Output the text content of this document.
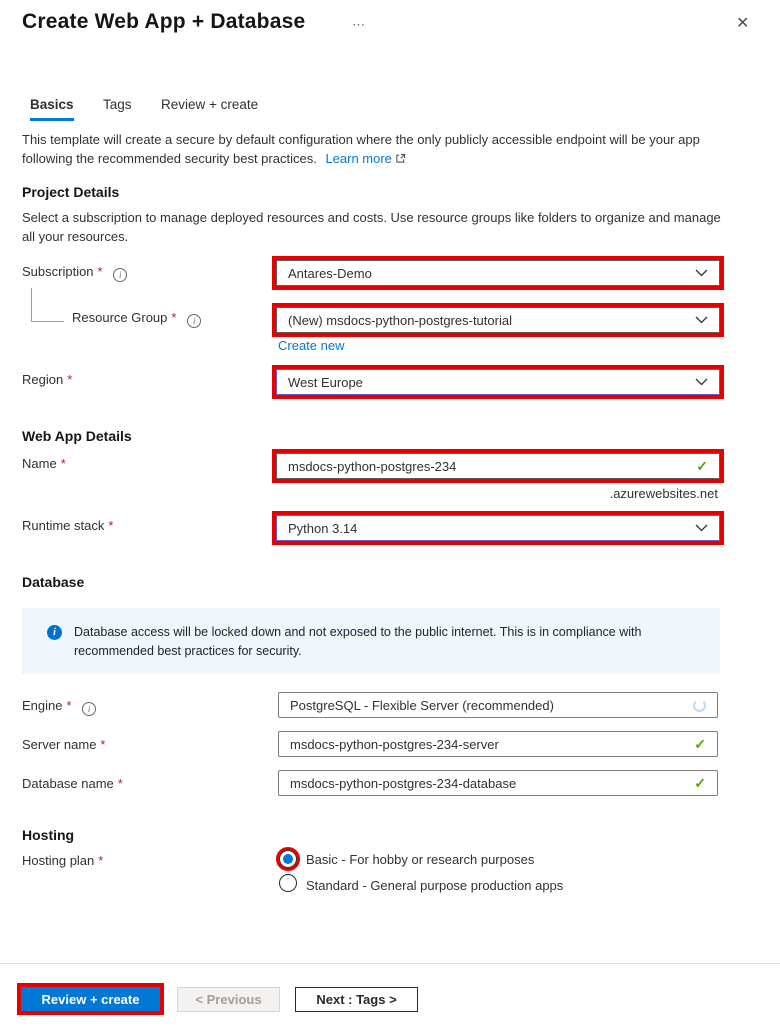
Create Web App + Database	⋯	✕
Basics Tags Review + create
This template will create a secure by default configuration where the only publicly accessible endpoint will be your app following the recommended security best practices. Learn more
Project Details
Select a subscription to manage deployed resources and costs. Use resource groups like folders to organize and manage all your resources.
Subscription * i	Antares-Demo
Resource Group * i	(New) msdocs-python-postgres-tutorial
Create new
Region *	West Europe
Web App Details
Name *	msdocs-python-postgres-234	✓
.azurewebsites.net
Runtime stack *	Python 3.14
Database
i	Database access will be locked down and not exposed to the public internet. This is in compliance with recommended best practices for security.
Engine * i	PostgreSQL - Flexible Server (recommended)
Server name *	msdocs-python-postgres-234-server	✓
Database name *	msdocs-python-postgres-234-database	✓
Hosting
Hosting plan *	Basic - For hobby or research purposes
Standard - General purpose production apps
Review + create	< Previous	Next : Tags >
